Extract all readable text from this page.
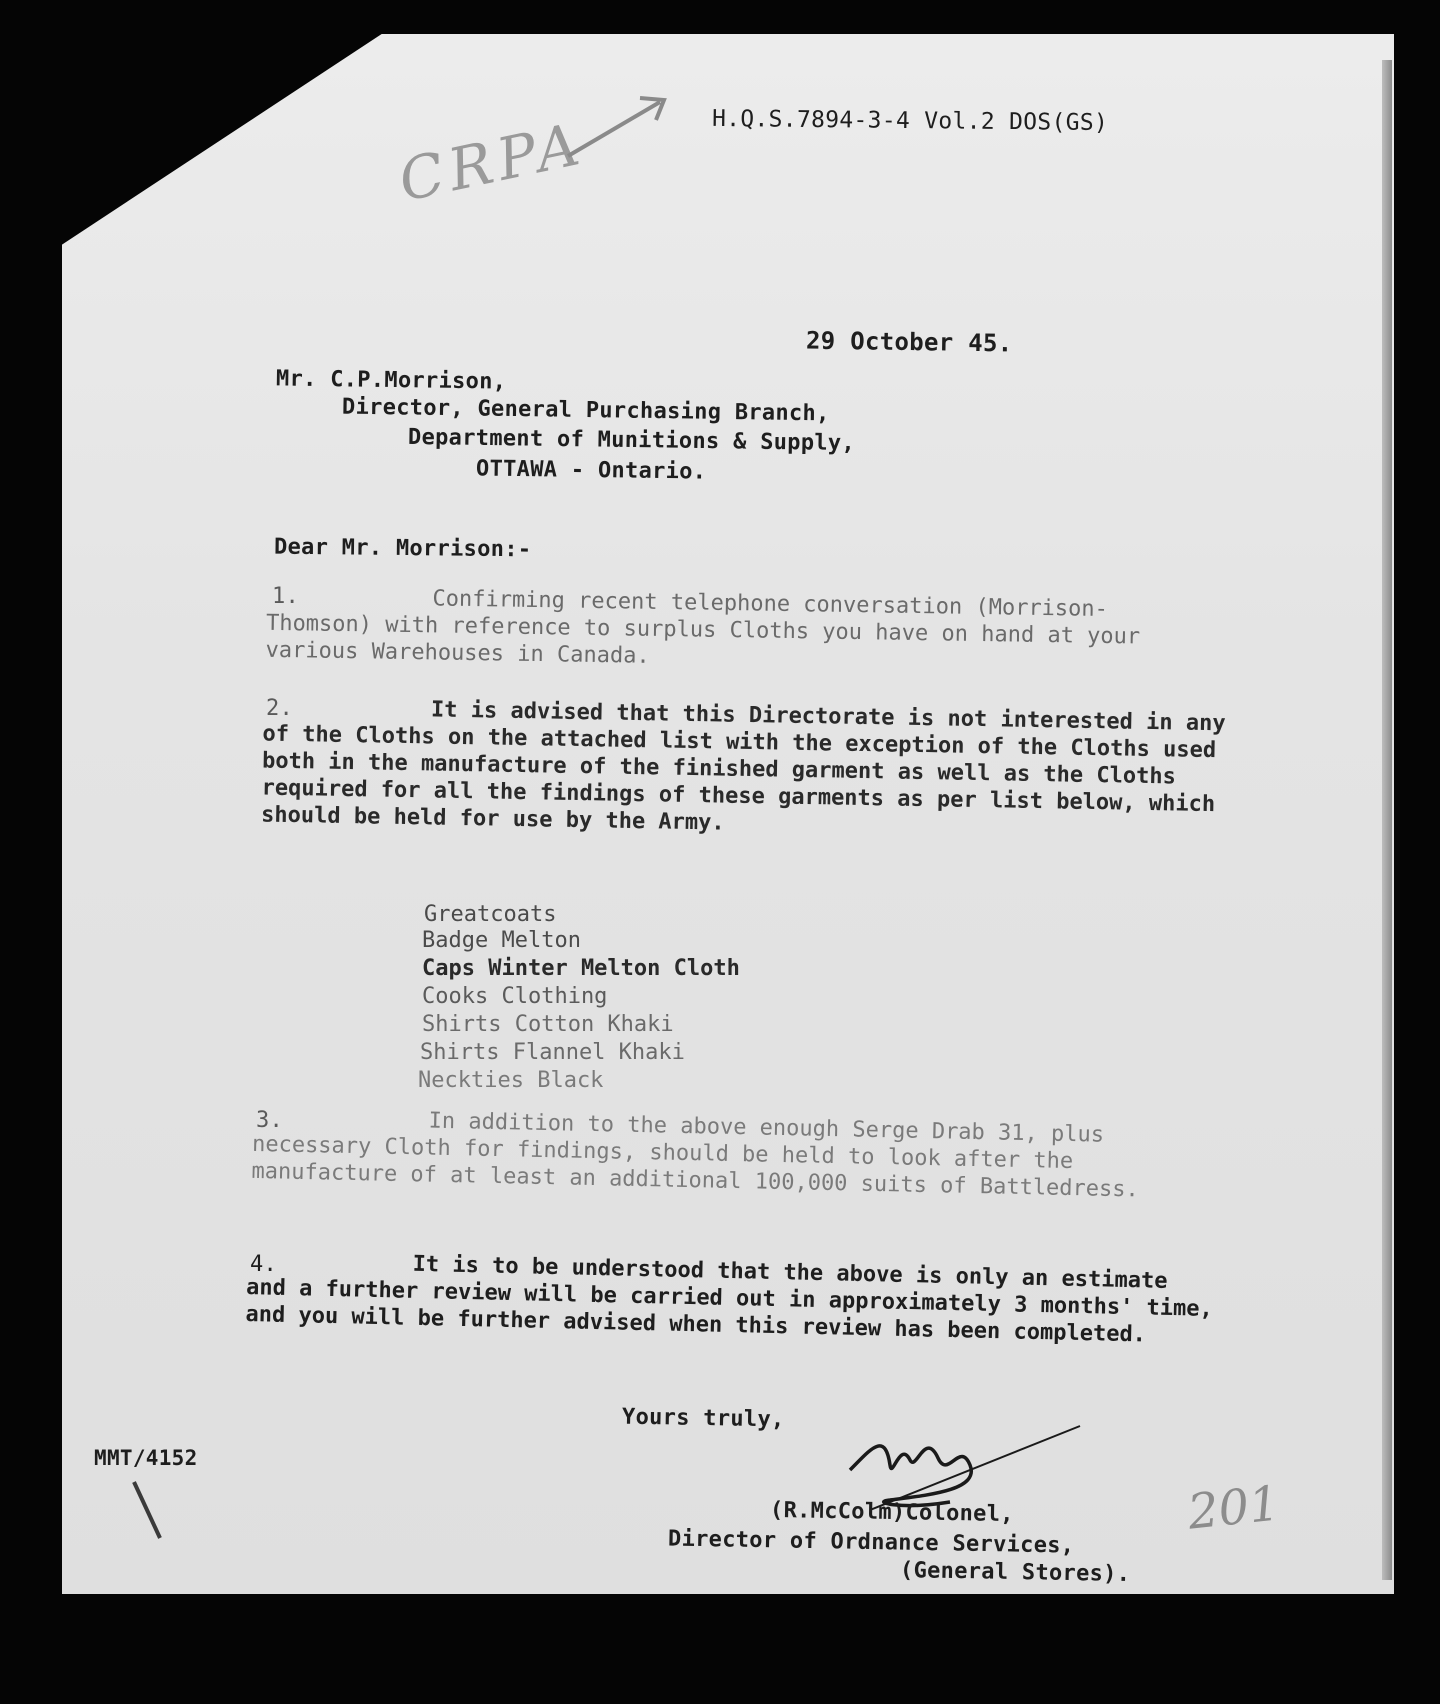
H.Q.S.7894-3-4 Vol.2 DOS(GS)
CRPA
29 October 45.
Mr. C.P.Morrison,
Director, General Purchasing Branch,
Department of Munitions & Supply,
OTTAWA - Ontario.
Dear Mr. Morrison:-
1.	Confirming recent telephone conversation (Morrison-Thomson) with reference to surplus Cloths you have on hand at your various Warehouses in Canada.
2.	It is advised that this Directorate is not interested in any of the Cloths on the attached list with the exception of the Cloths used both in the manufacture of the finished garment as well as the Cloths required for all the findings of these garments as per list below, which should be held for use by the Army.
Greatcoats
Badge Melton
Caps Winter Melton Cloth
Cooks Clothing
Shirts Cotton Khaki
Shirts Flannel Khaki
Neckties Black
3.	In addition to the above enough Serge Drab 31, plus necessary Cloth for findings, should be held to look after the manufacture of at least an additional 100,000 suits of Battledress.
4.	It is to be understood that the above is only an estimate and a further review will be carried out in approximately 3 months' time, and you will be further advised when this review has been completed.
Yours truly,
MMT/4152
(R.McColm)Colonel,
Director of Ordnance Services,
(General Stores).
201
